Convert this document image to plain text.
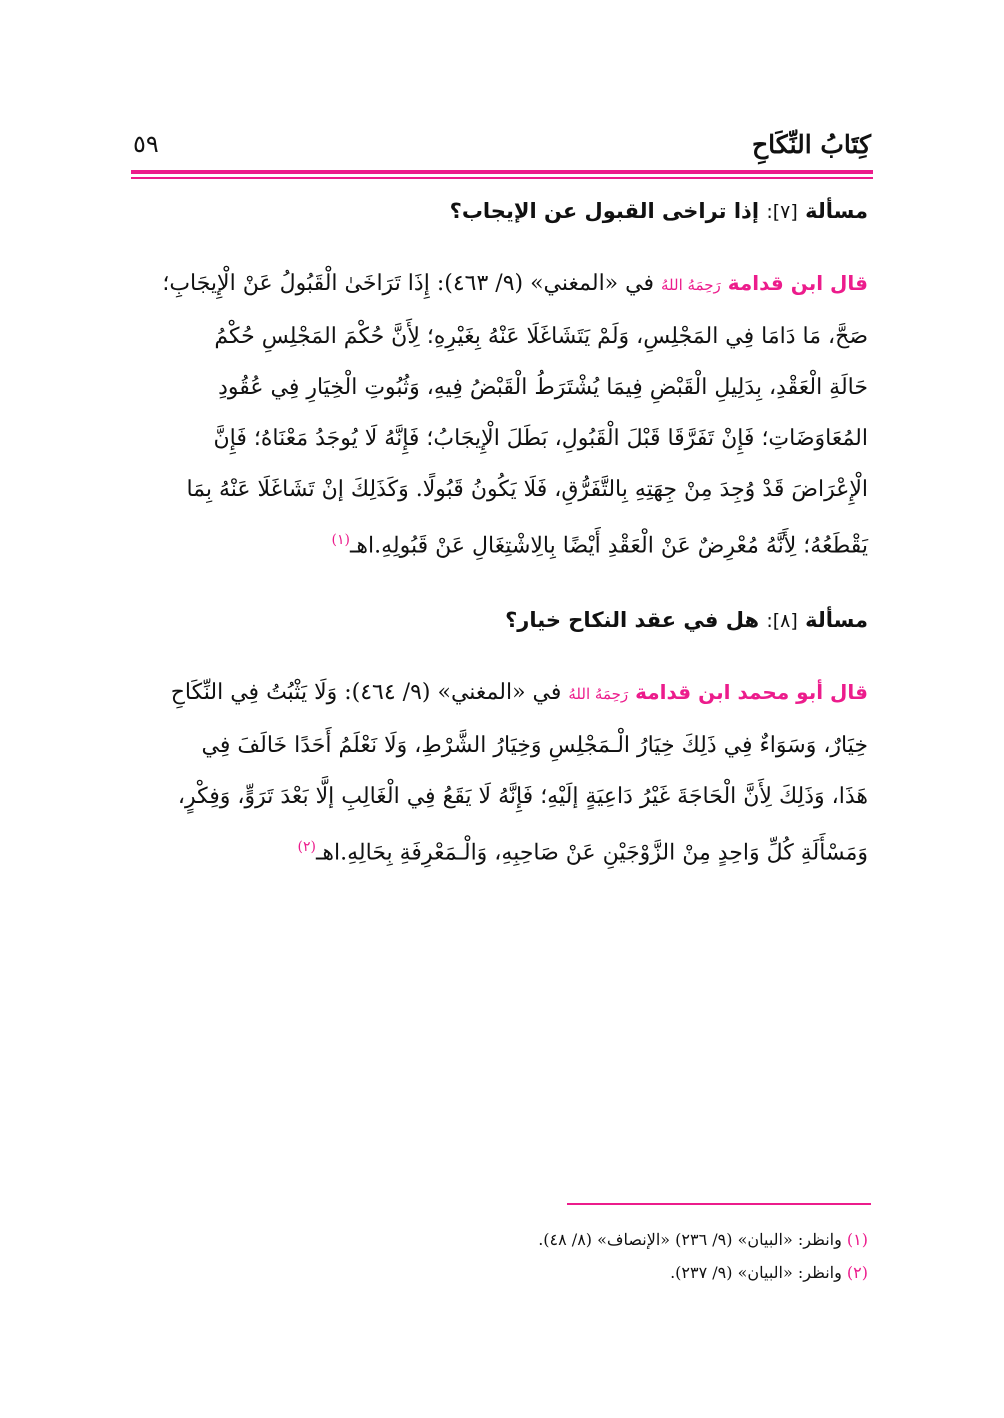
كِتَابُ النِّكَاحِ
٥٩
مسألة [٧]: إذا تراخى القبول عن الإيجاب؟

قال ابن قدامة رَحِمَهُ اللهُ في «المغني» (٩/ ٤٦٣): إِذَا تَرَاخَىٰ الْقَبُولُ عَنْ الْإِيجَابِ؛

صَحَّ، مَا دَامَا فِي المَجْلِسِ، وَلَمْ يَتَشَاغَلَا عَنْهُ بِغَيْرِهِ؛ لِأَنَّ حُكْمَ المَجْلِسِ حُكْمُ

حَالَةِ الْعَقْدِ، بِدَلِيلِ الْقَبْضِ فِيمَا يُشْتَرَطُ الْقَبْضُ فِيهِ، وَثُبُوتِ الْخِيَارِ فِي عُقُودِ

المُعَاوَضَاتِ؛ فَإِنْ تَفَرَّقَا قَبْلَ الْقَبُولِ، بَطَلَ الْإِيجَابُ؛ فَإِنَّهُ لَا يُوجَدُ مَعْنَاهُ؛ فَإِنَّ

الْإِعْرَاضَ قَدْ وُجِدَ مِنْ جِهَتِهِ بِالتَّفَرُّقِ، فَلَا يَكُونُ قَبُولًا. وَكَذَلِكَ إنْ تَشَاغَلَا عَنْهُ بِمَا

يَقْطَعُهُ؛ لِأَنَّهُ مُعْرِضٌ عَنْ الْعَقْدِ أَيْضًا بِالِاشْتِغَالِ عَنْ قَبُولِهِ.اهـ$^{(١)}$

مسألة [٨]: هل في عقد النكاح خيار؟

قال أبو محمد ابن قدامة رَحِمَهُ اللهُ في «المغني» (٩/ ٤٦٤): وَلَا يَثْبُتُ فِي النِّكَاحِ

خِيَارٌ، وَسَوَاءٌ فِي ذَلِكَ خِيَارُ الْـمَجْلِسِ وَخِيَارُ الشَّرْطِ، وَلَا نَعْلَمُ أَحَدًا خَالَفَ فِي

هَذَا، وَذَلِكَ لِأَنَّ الْحَاجَةَ غَيْرُ دَاعِيَةٍ إلَيْهِ؛ فَإِنَّهُ لَا يَقَعُ فِي الْغَالِبِ إلَّا بَعْدَ تَرَوٍّ، وَفِكْرٍ،

وَمَسْأَلَةِ كُلِّ وَاحِدٍ مِنْ الزَّوْجَيْنِ عَنْ صَاحِبِهِ، وَالْـمَعْرِفَةِ بِحَالِهِ.اهـ$^{(٢)}$

(١) وانظر: «البيان» (٩/ ٢٣٦) «الإنصاف» (٨/ ٤٨).
(٢) وانظر: «البيان» (٩/ ٢٣٧).
